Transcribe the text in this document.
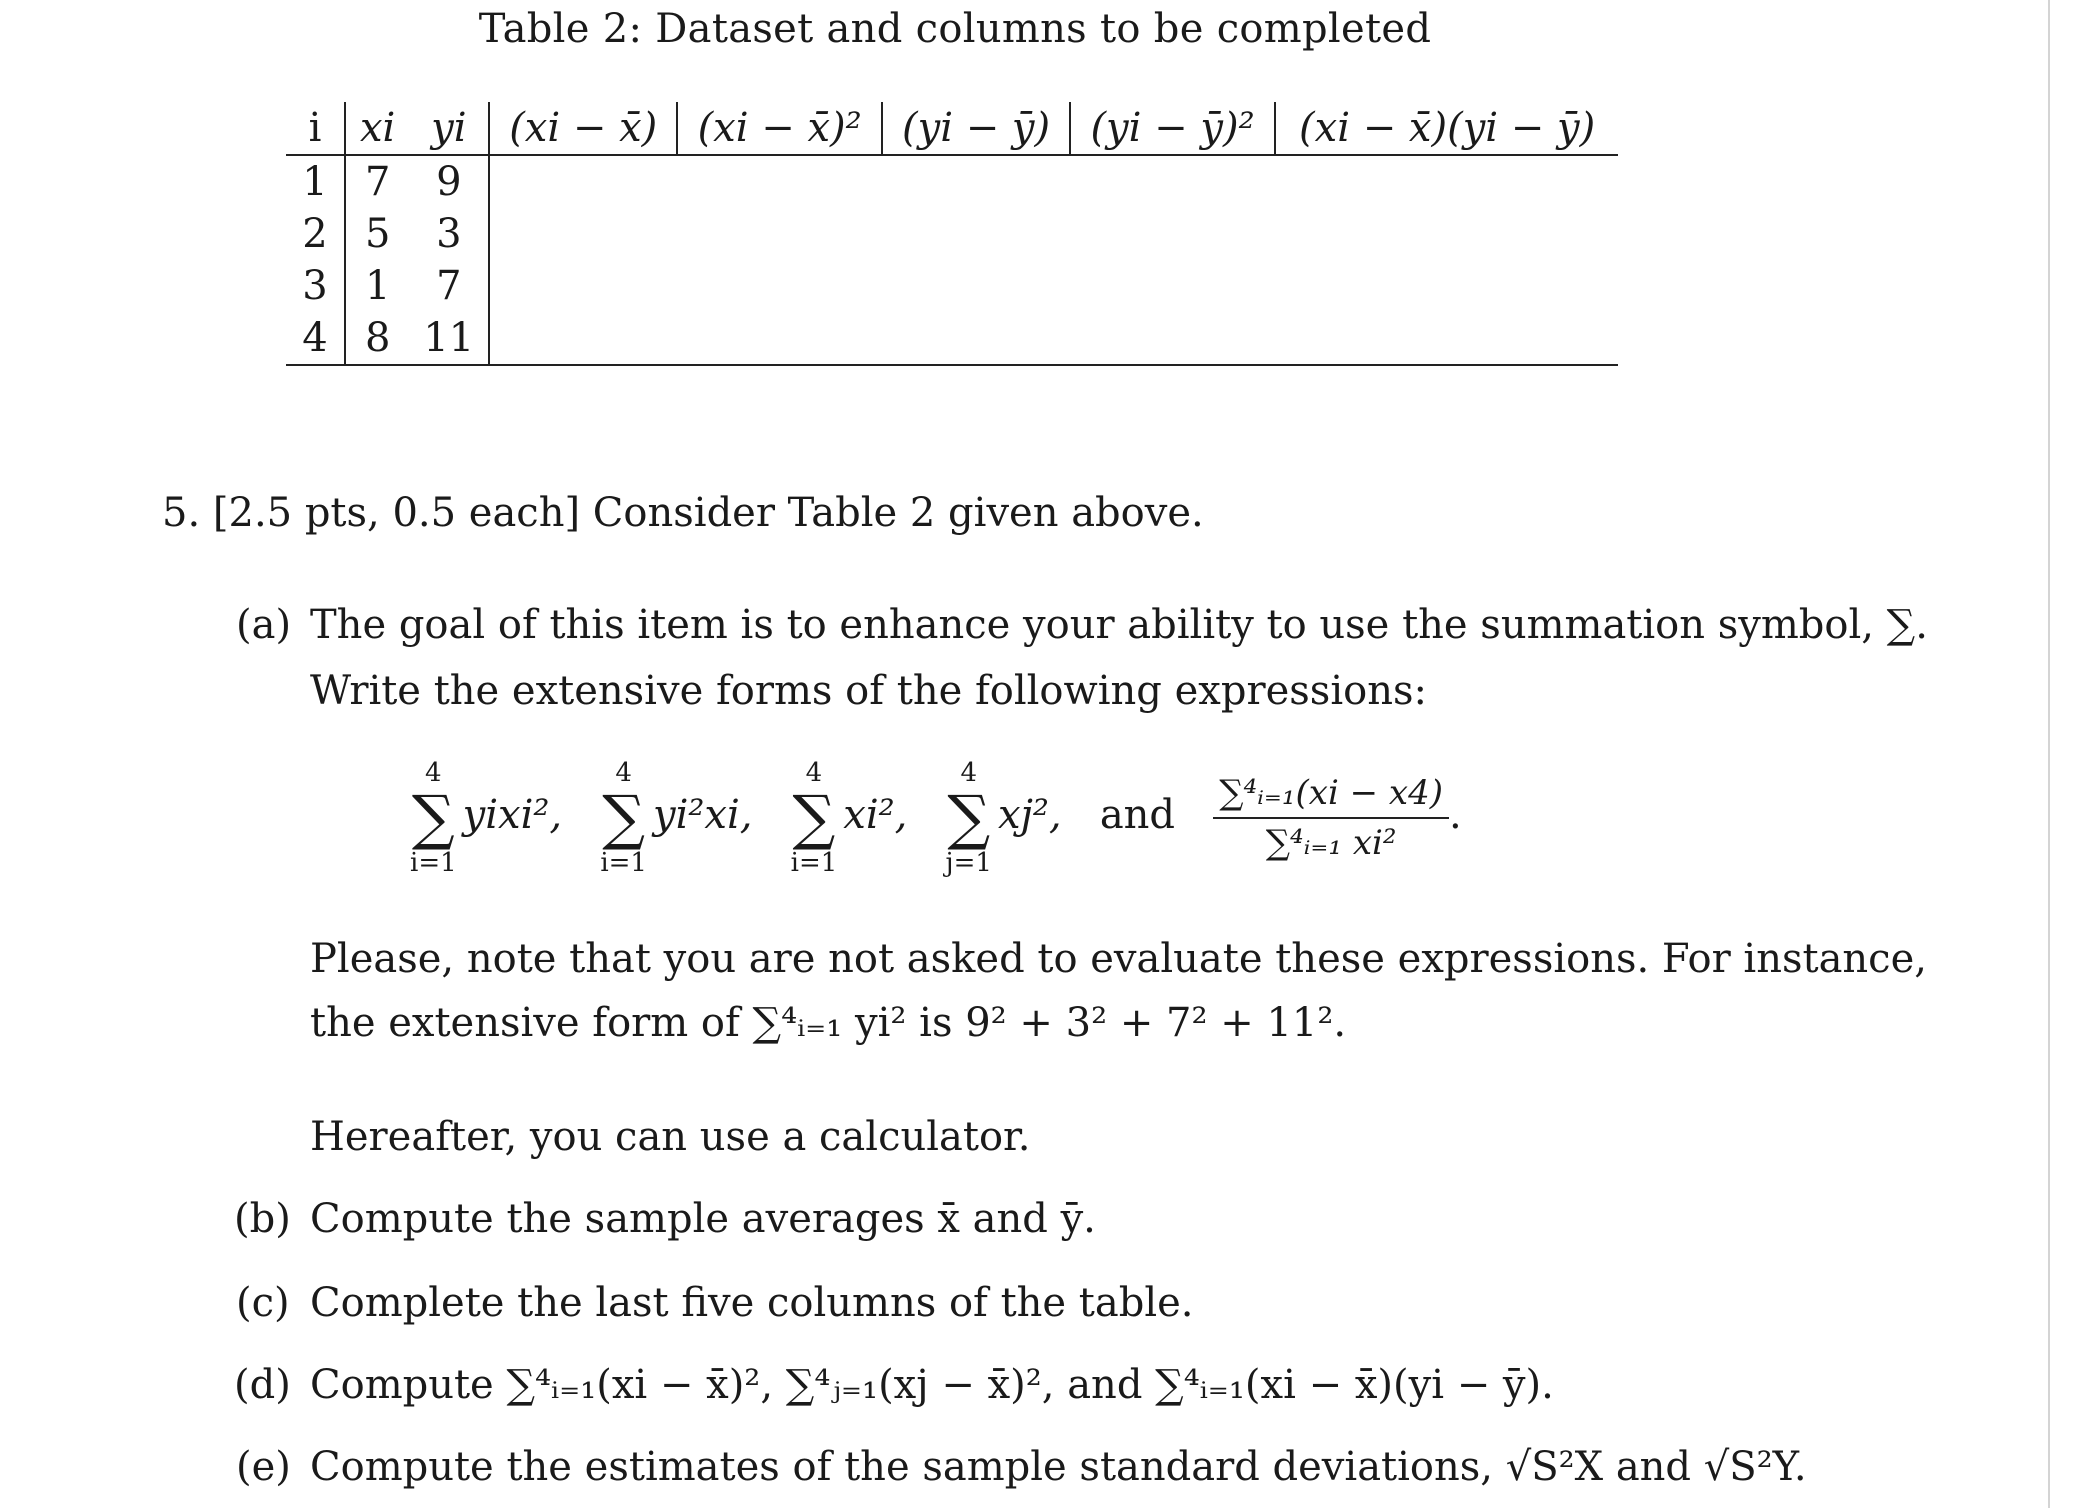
Table 2: Dataset and columns to be completed
i	xi	yi	(xi − x̄)	(xi − x̄)²	(yi − ȳ)	(yi − ȳ)²	(xi − x̄)(yi − ȳ)
1	7	9					
2	5	3					
3	1	7					
4	8	11					
5. [2.5 pts, 0.5 each] Consider Table 2 given above.
(a) The goal of this item is to enhance your ability to use the summation symbol, ∑.
Write the extensive forms of the following expressions:
4
∑
i=1
yixi²,
4
∑
i=1
yi²xi,
4
∑
i=1
xi²,
4
∑
j=1
xj², and $\frac{\text{∑⁴ᵢ₌₁(xi − x4)}}{\text{∑⁴ᵢ₌₁ xi²}}$ .
Please, note that you are not asked to evaluate these expressions. For instance,
the extensive form of ∑⁴ᵢ₌₁ yi² is 9² + 3² + 7² + 11².
Hereafter, you can use a calculator.
(b) Compute the sample averages x̄ and ȳ.
(c) Complete the last five columns of the table.
(d) Compute ∑⁴ᵢ₌₁(xi − x̄)², ∑⁴ⱼ₌₁(xj − x̄)², and ∑⁴ᵢ₌₁(xi − x̄)(yi − ȳ).
(e) Compute the estimates of the sample standard deviations, √S²X and √S²Y.
